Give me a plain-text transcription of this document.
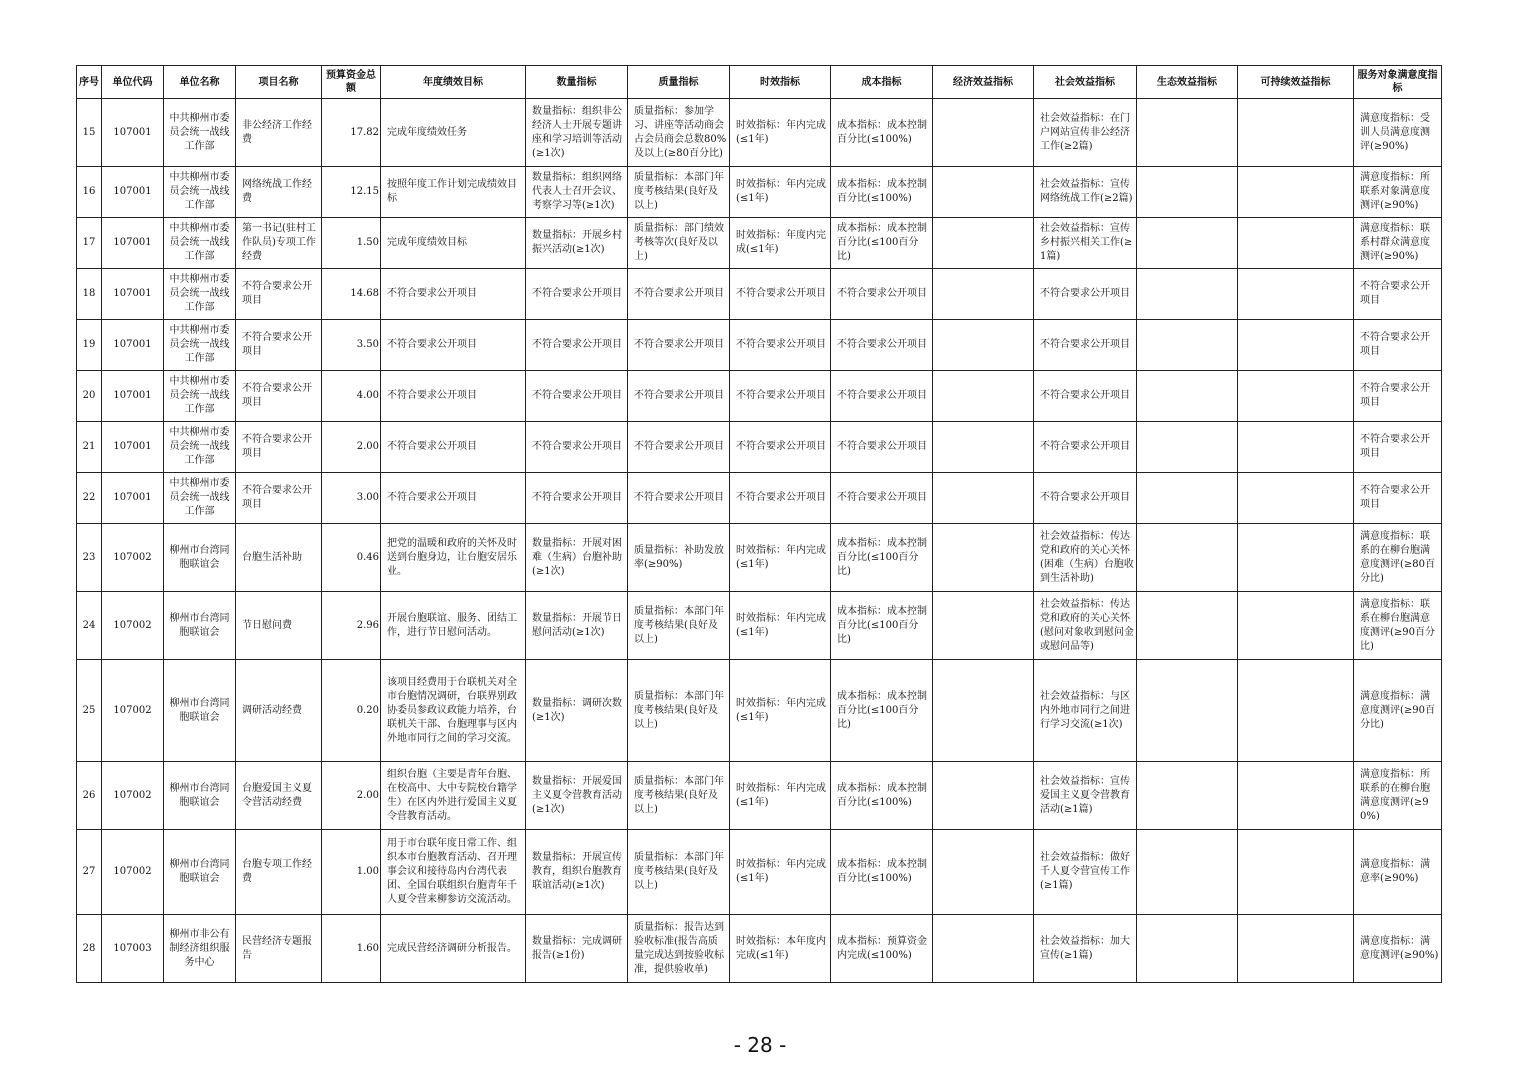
序号	单位代码	单位名称	项目名称	预算资金总额	年度绩效目标	数量指标	质量指标	时效指标	成本指标	经济效益指标	社会效益指标	生态效益指标	可持续效益指标	服务对象满意度指标
15	107001	中共柳州市委员会统一战线工作部	非公经济工作经费	17.82	完成年度绩效任务	数量指标：组织非公经济人士开展专题讲座和学习培训等活动(≥1次)	质量指标：参加学习、讲座等活动商会占会员商会总数80%及以上(≥80百分比)	时效指标：年内完成(≤1年)	成本指标：成本控制百分比(≤100%)		社会效益指标：在门户网站宣传非公经济工作(≥2篇)			满意度指标：受训人员满意度测评(≥90%)
16	107001	中共柳州市委员会统一战线工作部	网络统战工作经费	12.15	按照年度工作计划完成绩效目标	数量指标：组织网络代表人士召开会议、考察学习等(≥1次)	质量指标：本部门年度考核结果(良好及以上)	时效指标：年内完成(≤1年)	成本指标：成本控制百分比(≤100%)		社会效益指标：宣传网络统战工作(≥2篇)			满意度指标：所联系对象满意度测评(≥90%)
17	107001	中共柳州市委员会统一战线工作部	第一书记(驻村工作队员)专项工作经费	1.50	完成年度绩效目标	数量指标：开展乡村振兴活动(≥1次)	质量指标：部门绩效考核等次(良好及以上)	时效指标：年度内完成(≤1年)	成本指标：成本控制百分比(≤100百分比)		社会效益指标：宣传乡村振兴相关工作(≥1篇)			满意度指标：联系村群众满意度测评(≥90%)
18	107001	中共柳州市委员会统一战线工作部	不符合要求公开项目	14.68	不符合要求公开项目	不符合要求公开项目	不符合要求公开项目	不符合要求公开项目	不符合要求公开项目		不符合要求公开项目			不符合要求公开项目
19	107001	中共柳州市委员会统一战线工作部	不符合要求公开项目	3.50	不符合要求公开项目	不符合要求公开项目	不符合要求公开项目	不符合要求公开项目	不符合要求公开项目		不符合要求公开项目			不符合要求公开项目
20	107001	中共柳州市委员会统一战线工作部	不符合要求公开项目	4.00	不符合要求公开项目	不符合要求公开项目	不符合要求公开项目	不符合要求公开项目	不符合要求公开项目		不符合要求公开项目			不符合要求公开项目
21	107001	中共柳州市委员会统一战线工作部	不符合要求公开项目	2.00	不符合要求公开项目	不符合要求公开项目	不符合要求公开项目	不符合要求公开项目	不符合要求公开项目		不符合要求公开项目			不符合要求公开项目
22	107001	中共柳州市委员会统一战线工作部	不符合要求公开项目	3.00	不符合要求公开项目	不符合要求公开项目	不符合要求公开项目	不符合要求公开项目	不符合要求公开项目		不符合要求公开项目			不符合要求公开项目
23	107002	柳州市台湾同胞联谊会	台胞生活补助	0.46	把党的温暖和政府的关怀及时送到台胞身边，让台胞安居乐业。	数量指标：开展对困难（生病）台胞补助(≥1次)	质量指标：补助发放率(≥90%)	时效指标：年内完成(≤1年)	成本指标：成本控制百分比(≤100百分比)		社会效益指标：传达党和政府的关心关怀(困难（生病）台胞收到生活补助)			满意度指标：联系的在柳台胞满意度测评(≥80百分比)
24	107002	柳州市台湾同胞联谊会	节日慰问费	2.96	开展台胞联谊、服务、团结工作，进行节日慰问活动。	数量指标：开展节日慰问活动(≥1次)	质量指标：本部门年度考核结果(良好及以上)	时效指标：年内完成(≤1年)	成本指标：成本控制百分比(≤100百分比)		社会效益指标：传达党和政府的关心关怀(慰问对象收到慰问金或慰问品等)			满意度指标：联系在柳台胞满意度测评(≥90百分比)
25	107002	柳州市台湾同胞联谊会	调研活动经费	0.20	该项目经费用于台联机关对全市台胞情况调研，台联界别政协委员参政议政能力培养，台联机关干部、台胞理事与区内外地市同行之间的学习交流。	数量指标：调研次数(≥1次)	质量指标：本部门年度考核结果(良好及以上)	时效指标：年内完成(≤1年)	成本指标：成本控制百分比(≤100百分比)		社会效益指标：与区内外地市同行之间进行学习交流(≥1次)			满意度指标：满意度测评(≥90百分比)
26	107002	柳州市台湾同胞联谊会	台胞爱国主义夏令营活动经费	2.00	组织台胞（主要是青年台胞、在校高中、大中专院校台籍学生）在区内外进行爱国主义夏令营教育活动。	数量指标：开展爱国主义夏令营教育活动(≥1次)	质量指标：本部门年度考核结果(良好及以上)	时效指标：年内完成(≤1年)	成本指标：成本控制百分比(≤100%)		社会效益指标：宣传爱国主义夏令营教育活动(≥1篇)			满意度指标：所联系的在柳台胞满意度测评(≥90%)
27	107002	柳州市台湾同胞联谊会	台胞专项工作经费	1.00	用于市台联年度日常工作、组织本市台胞教育活动、召开理事会议和接待岛内台湾代表团、全国台联组织台胞青年千人夏令营来柳参访交流活动。	数量指标：开展宣传教育，组织台胞教育联谊活动(≥1次)	质量指标：本部门年度考核结果(良好及以上)	时效指标：年内完成(≤1年)	成本指标：成本控制百分比(≤100%)		社会效益指标：做好千人夏令营宣传工作(≥1篇)			满意度指标：满意率(≥90%)
28	107003	柳州市非公有制经济组织服务中心	民营经济专题报告	1.60	完成民营经济调研分析报告。	数量指标：完成调研报告(≥1份)	质量指标：报告达到验收标准(报告高质量完成达到按验收标准，提供验收单)	时效指标：本年度内完成(≤1年)	成本指标：预算资金内完成(≤100%)		社会效益指标：加大宣传(≥1篇)			满意度指标：满意度测评(≥90%)
- 28 -
